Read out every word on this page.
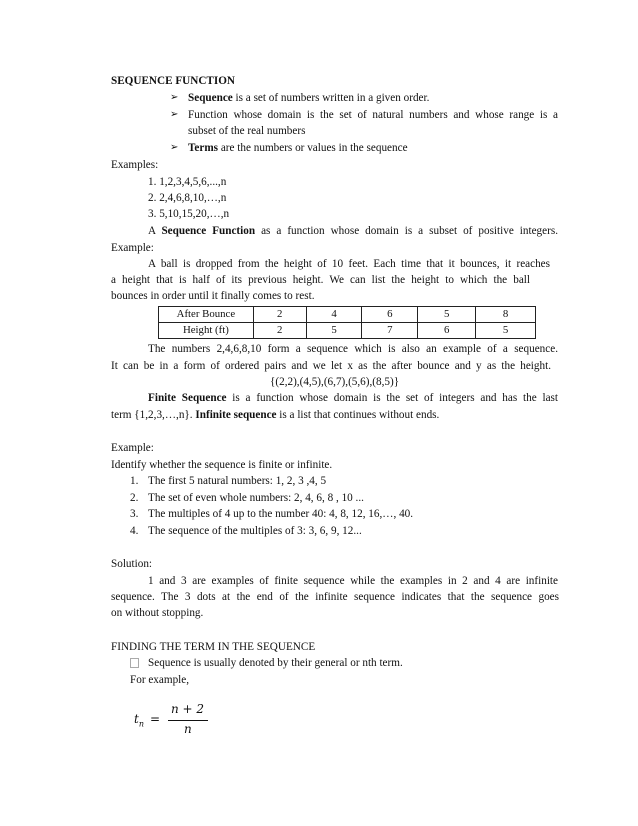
SEQUENCE FUNCTION
➢ Sequence is a set of numbers written in a given order.
➢ Function whose domain is the set of natural numbers and whose range is a
subset of the real numbers
➢ Terms are the numbers or values in the sequence
Examples:
1. 1,2,3,4,5,6,...,n
2. 2,4,6,8,10,…,n
3. 5,10,15,20,…,n
A Sequence Function as a function whose domain is a subset of positive integers.
Example:
A ball is dropped from the height of 10 feet. Each time that it bounces, it reaches
a height that is half of its previous height. We can list the height to which the ball
bounces in order until it finally comes to rest.
After Bounce	2	4	6	5	8
Height (ft)	2	5	7	6	5
The numbers 2,4,6,8,10 form a sequence which is also an example of a sequence.
It can be in a form of ordered pairs and we let x as the after bounce and y as the height.
{(2,2),(4,5),(6,7),(5,6),(8,5)}
Finite Sequence is a function whose domain is the set of integers and has the last
term {1,2,3,…,n}. Infinite sequence is a list that continues without ends.
Example:
Identify whether the sequence is finite or infinite.
1. The first 5 natural numbers: 1, 2, 3 ,4, 5
2. The set of even whole numbers: 2, 4, 6, 8 , 10 ...
3. The multiples of 4 up to the number 40: 4, 8, 12, 16,…, 40.
4. The sequence of the multiples of 3: 3, 6, 9, 12...
Solution:
1 and 3 are examples of finite sequence while the examples in 2 and 4 are infinite
sequence. The 3 dots at the end of the infinite sequence indicates that the sequence goes
on without stopping.
FINDING THE TERM IN THE SEQUENCE
Sequence is usually denoted by their general or nth term.
For example,
$t_n$ =
n + 2
n
